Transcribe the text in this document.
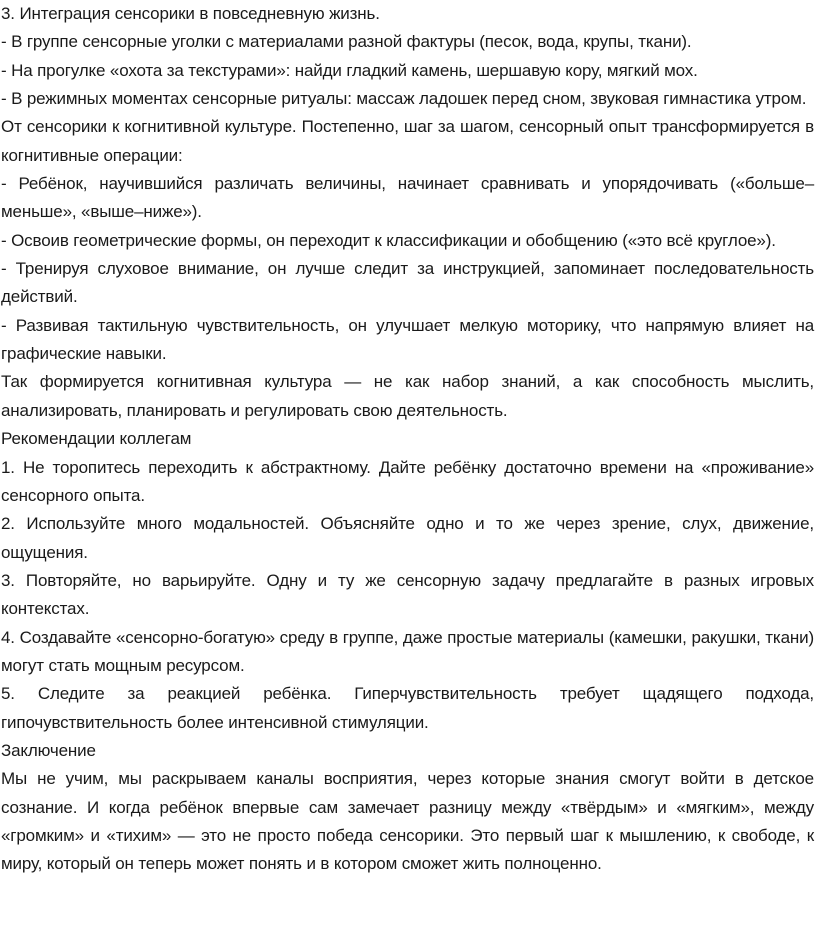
3. Интеграция сенсорики в повседневную жизнь.

- В группе сенсорные уголки с материалами разной фактуры (песок, вода, крупы, ткани).

- На прогулке «охота за текстурами»: найди гладкий камень, шершавую кору, мягкий мох.

- В режимных моментах сенсорные ритуалы: массаж ладошек перед сном, звуковая гимнастика утром.

От сенсорики к когнитивной культуре. Постепенно, шаг за шагом, сенсорный опыт трансформируется в когнитивные операции:

- Ребёнок, научившийся различать величины, начинает сравнивать и упорядочивать («больше–меньше», «выше–ниже»).

- Освоив геометрические формы, он переходит к классификации и обобщению («это всё круглое»).

- Тренируя слуховое внимание, он лучше следит за инструкцией, запоминает последовательность действий.

- Развивая тактильную чувствительность, он улучшает мелкую моторику, что напрямую влияет на графические навыки.

Так формируется когнитивная культура — не как набор знаний, а как способность мыслить, анализировать, планировать и регулировать свою деятельность.

Рекомендации коллегам

1. Не торопитесь переходить к абстрактному. Дайте ребёнку достаточно времени на «проживание» сенсорного опыта.

2. Используйте много модальностей. Объясняйте одно и то же через зрение, слух, движение, ощущения.

3. Повторяйте, но варьируйте. Одну и ту же сенсорную задачу предлагайте в разных игровых контекстах.

4. Создавайте «сенсорно-богатую» среду в группе, даже простые материалы (камешки, ракушки, ткани) могут стать мощным ресурсом.

5. Следите за реакцией ребёнка. Гиперчувствительность требует щадящего подхода, гипочувствительность более интенсивной стимуляции.

Заключение

Мы не учим, мы раскрываем каналы восприятия, через которые знания смогут войти в детское сознание. И когда ребёнок впервые сам замечает разницу между «твёрдым» и «мягким», между «громким» и «тихим» — это не просто победа сенсорики. Это первый шаг к мышлению, к свободе, к миру, который он теперь может понять и в котором сможет жить полноценно.
